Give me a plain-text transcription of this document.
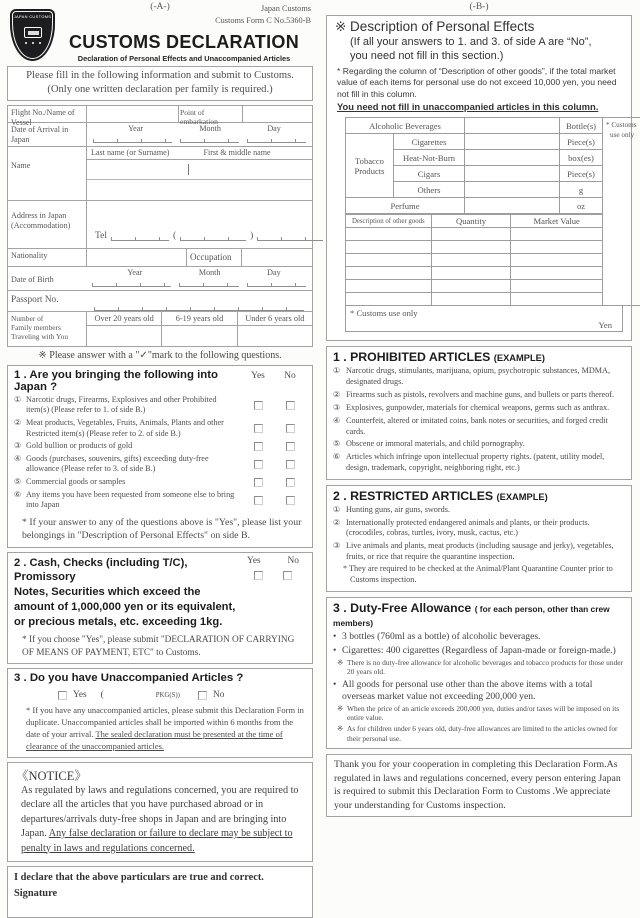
JAPAN CUSTOMS
(-A-)	Japan Customs
Customs Form C No.5360-B
CUSTOMS DECLARATION
Declaration of Personal Effects and Unaccompanied Articles
Please fill in the following information and submit to Customs.
(Only one written declaration per family is required.)
Flight No./Name of Vessel
Point of embarkation
Date of Arrival in Japan
Year	Month	Day
Name
Last name (or Surname)	First & middle name
Address in Japan
(Accommodation)
Tel	(	)
Nationality	Occupation
Date of Birth
Year	Month	Day
Passport No.
Number of
Family members
Traveling with You
Over 20 years old	6-19 years old	Under 6 years old
※ Please answer with a "✓"mark to the following questions.
1 . Are you bringing the following into Japan ?
Yes	No
① Narcotic drugs, Firearms, Explosives and other Prohibited item(s) (Please refer to 1. of side B.)
② Meat products, Vegetables, Fruits, Animals, Plants and other Restricted item(s) (Please refer to 2. of side B.)
③ Gold bullion or products of gold
④ Goods (purchases, souvenirs, gifts) exceeding duty-free allowance (Please refer to 3. of side B.)
⑤ Commercial goods or samples
⑥ Any items you have been requested from someone else to bring into Japan
* If your answer to any of the questions above is "Yes", please list your belongings in "Description of Personal Effects" on side B.
2 . Cash, Checks (including T/C), Promissory
Notes, Securities which exceed the
amount of 1,000,000 yen or its equivalent,
or precious metals, etc. exceeding 1kg.
Yes	No
* If you choose "Yes", please submit "DECLARATION OF CARRYING OF MEANS OF PAYMENT, ETC" to Customs.
3 . Do you have Unaccompanied Articles ?
Yes (	PKG(S))	No
* If you have any unaccompanied articles, please submit this Declaration Form in duplicate. Unaccompanied articles shall be imported within 6 months from the date of your arrival. The sealed declaration must be presented at the time of clearance of the unaccompanied articles.
《NOTICE》
As regulated by laws and regulations concerned, you are required to declare all the articles that you have purchased abroad or in departures/arrivals duty-free shops in Japan and are bringing into Japan. Any false declaration or failure to declare may be subject to penalty in laws and regulations concerned.
I declare that the above particulars are true and correct.
Signature
(-B-)
※ Description of Personal Effects
(If all your answers to 1. and 3. of side A are “No”,
you need not fill in this section.)
* Regarding the column of “Description of other goods”, if the total market value of each items for personal use do not exceed 10,000 yen, you need not fill in this column.
You need not fill in unaccompanied articles in this column.
Alcoholic Beverages			Bottle(s)

Tobacco
Products	Cigarettes		Piece(s)
	Heat-Not-Burn		box(es)
	Cigars		Piece(s)
	Others		g
Perfume			oz
Description of other goods	Quantity	Market Value

* Customs
use only
* Customs use only
Yen
1 . PROHIBITED ARTICLES (EXAMPLE)
① Narcotic drugs, stimulants, marijuana, opium, psychotropic substances, MDMA, designated drugs.
② Firearms such as pistols, revolvers and machine guns, and bullets or parts thereof.
③ Explosives, gunpowder, materials for chemical weapons, germs such as anthrax.
④ Counterfeit, altered or imitated coins, bank notes or securities, and forged credit cards.
⑤ Obscene or immoral materials, and child pornography.
⑥ Articles which infringe upon intellectual property rights. (patent, utility model, design, trademark, copyright, neighboring right, etc.)
2 . RESTRICTED ARTICLES (EXAMPLE)
① Hunting guns, air guns, swords.
② Internationally protected endangered animals and plants, or their products. (crocodiles, cobras, turtles, ivory, musk, cactus, etc.)
③ Live animals and plants, meat products (including sausage and jerky), vegetables, fruits, or rice that require the quarantine inspection.
* They are required to be checked at the Animal/Plant Quarantine Counter prior to Customs inspection.
3 . Duty-Free Allowance ( for each person, other than crew members)
• 3 bottles (760ml as a bottle) of alcoholic beverages.
• Cigarettes: 400 cigarettes (Regardless of Japan-made or foreign-made.)
※ There is no duty-free allowance for alcoholic beverages and tobacco products for those under 20 years old.
• All goods for personal use other than the above items with a total overseas market value not exceeding 200,000 yen.
※ When the price of an article exceeds 200,000 yen, duties and/or taxes will be imposed on its entire value.
※ As for children under 6 years old, duty-free allowances are limited to the articles owned for their personal use.
Thank you for your cooperation in completing this Declaration Form.As regulated in laws and regulations concerned, every person entering Japan is required to submit this Declaration Form to Customs .We appreciate your understanding for Customs inspection.
